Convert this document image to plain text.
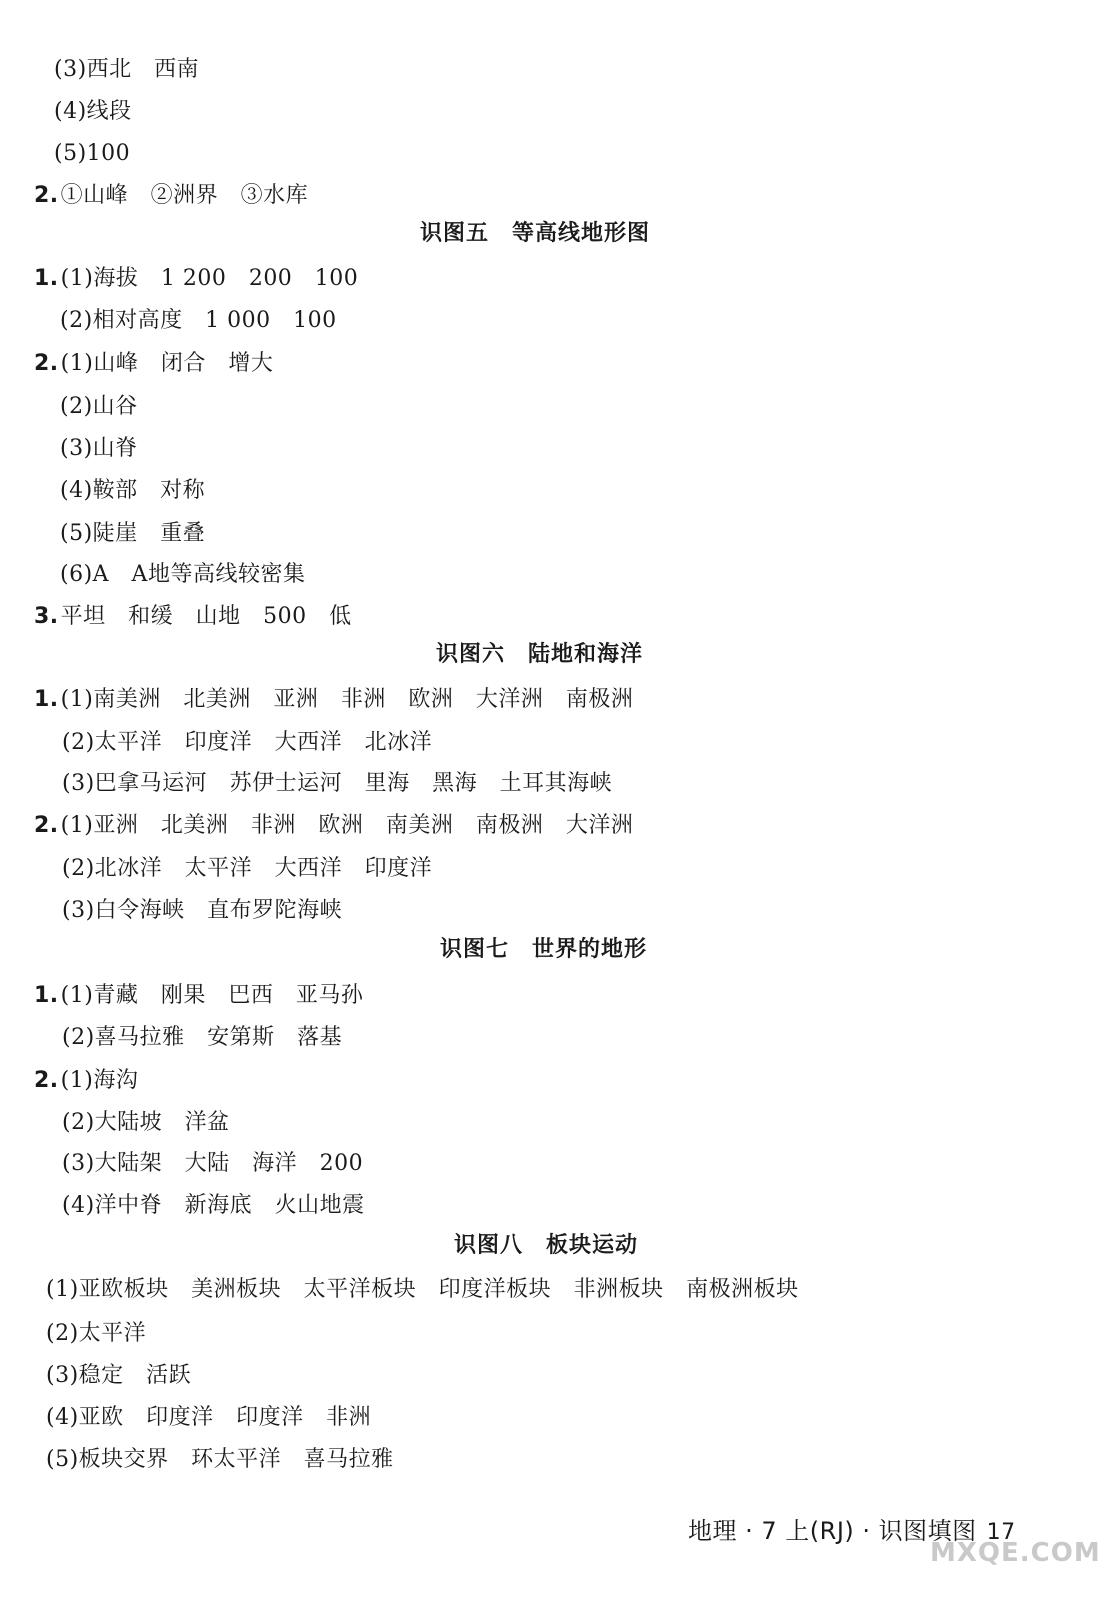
(3)西北　西南
(4)线段
(5)100
2.①山峰　②洲界　③水库
识图五　等高线地形图
1.(1)海拔　1 200　200　100
(2)相对高度　1 000　100
2.(1)山峰　闭合　增大
(2)山谷
(3)山脊
(4)鞍部　对称
(5)陡崖　重叠
(6)A　A地等高线较密集
3.平坦　和缓　山地　500　低
识图六　陆地和海洋
1.(1)南美洲　北美洲　亚洲　非洲　欧洲　大洋洲　南极洲
(2)太平洋　印度洋　大西洋　北冰洋
(3)巴拿马运河　苏伊士运河　里海　黑海　土耳其海峡
2.(1)亚洲　北美洲　非洲　欧洲　南美洲　南极洲　大洋洲
(2)北冰洋　太平洋　大西洋　印度洋
(3)白令海峡　直布罗陀海峡
识图七　世界的地形
1.(1)青藏　刚果　巴西　亚马孙
(2)喜马拉雅　安第斯　落基
2.(1)海沟
(2)大陆坡　洋盆
(3)大陆架　大陆　海洋　200
(4)洋中脊　新海底　火山地震
识图八　板块运动
(1)亚欧板块　美洲板块　太平洋板块　印度洋板块　非洲板块　南极洲板块
(2)太平洋
(3)稳定　活跃
(4)亚欧　印度洋　印度洋　非洲
(5)板块交界　环太平洋　喜马拉雅
地理 · 7 上(RJ) · 识图填图 17
MXQE.COM
